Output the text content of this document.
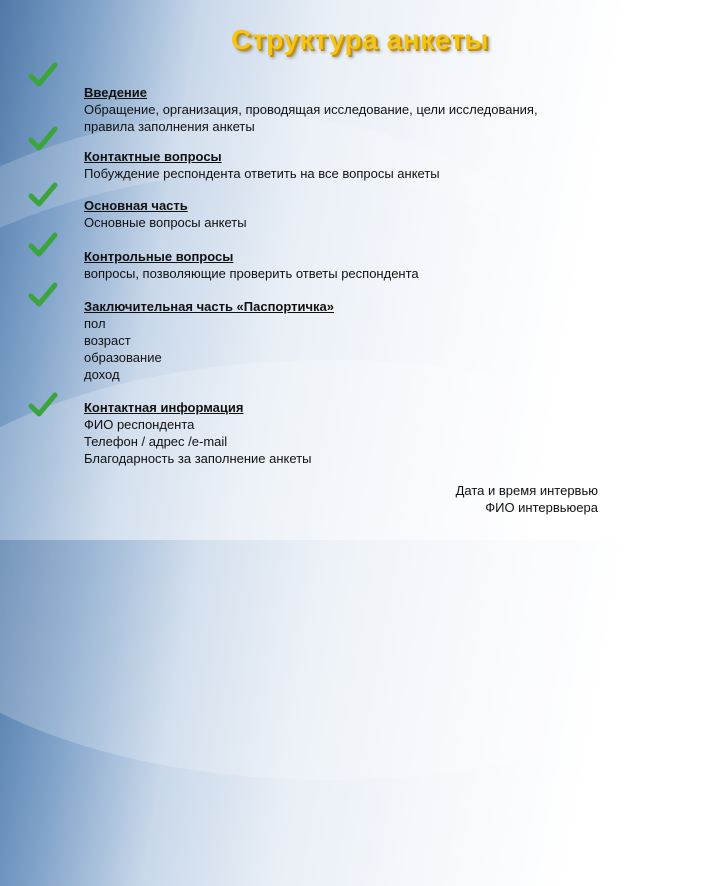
Структура анкеты
Введение
Обращение, организация, проводящая исследование, цели исследования,
правила заполнения анкеты
Контактные вопросы
Побуждение респондента ответить на все вопросы анкеты
Основная часть
Основные вопросы анкеты
Контрольные вопросы
вопросы, позволяющие проверить ответы респондента
Заключительная часть «Паспортичка»
пол
возраст
образование
доход
Контактная информация
ФИО респондента
Телефон / адрес /e-mail
Благодарность за заполнение анкеты
Дата и время интервью
ФИО интервьюера
